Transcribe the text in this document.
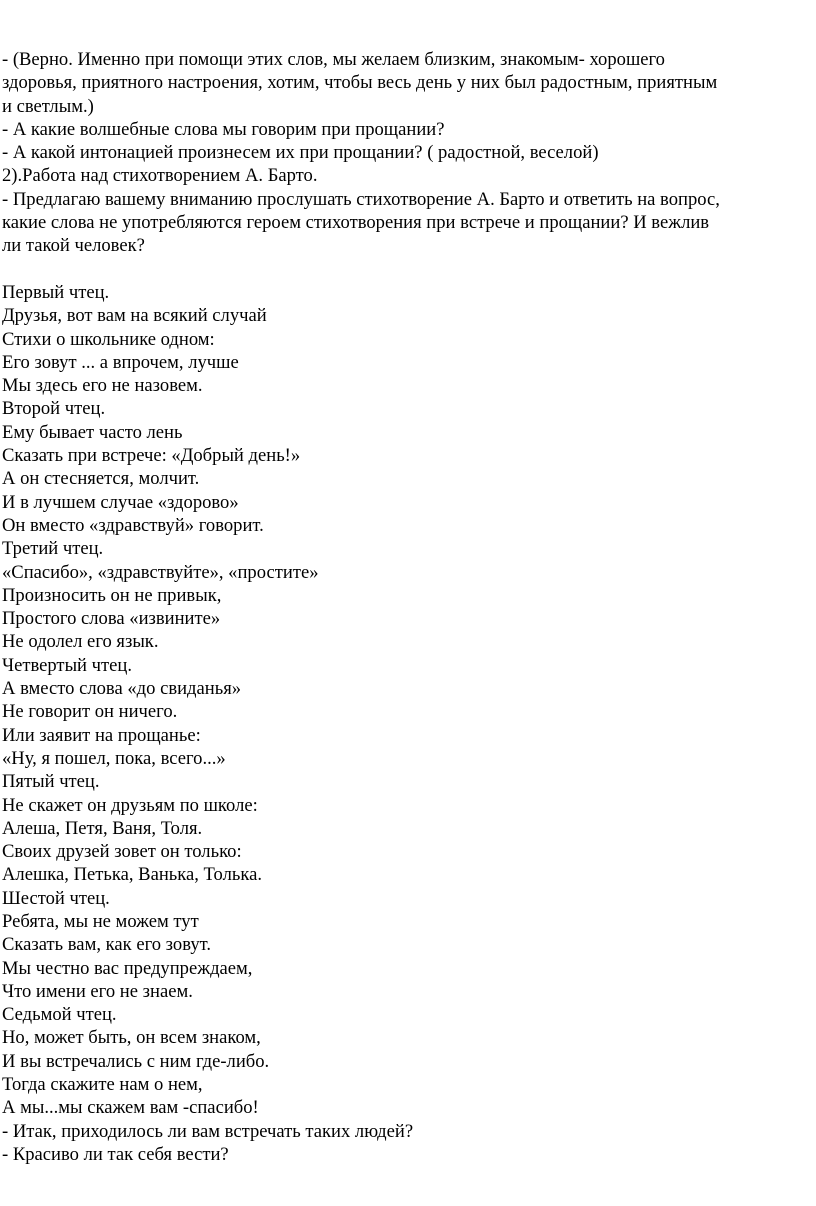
- (Верно. Именно при помощи этих слов, мы желаем близким, знакомым- хорошего
здоровья, приятного настроения, хотим, чтобы весь день у них был радостным, приятным
и светлым.)
- А какие волшебные слова мы говорим при прощании?
- А какой интонацией произнесем их при прощании? ( радостной, веселой)
2).Работа над стихотворением А. Барто.
- Предлагаю вашему вниманию прослушать стихотворение А. Барто и ответить на вопрос,
какие слова не употребляются героем стихотворения при встрече и прощании? И вежлив
ли такой человек?
Первый чтец.
Друзья, вот вам на всякий случай
Стихи о школьнике одном:
Его зовут ... а впрочем, лучше
Мы здесь его не назовем.
Второй чтец.
Ему бывает часто лень
Сказать при встрече: «Добрый день!»
А он стесняется, молчит.
И в лучшем случае «здорово»
Он вместо «здравствуй» говорит.
Третий чтец.
«Спасибо», «здравствуйте», «простите»
Произносить он не привык,
Простого слова «извините»
Не одолел его язык.
Четвертый чтец.
А вместо слова «до свиданья»
Не говорит он ничего.
Или заявит на прощанье:
«Ну, я пошел, пока, всего...»
Пятый чтец.
Не скажет он друзьям по школе:
Алеша, Петя, Ваня, Толя.
Своих друзей зовет он только:
Алешка, Петька, Ванька, Толька.
Шестой чтец.
Ребята, мы не можем тут
Сказать вам, как его зовут.
Мы честно вас предупреждаем,
Что имени его не знаем.
Седьмой чтец.
Но, может быть, он всем знаком,
И вы встречались с ним где-либо.
Тогда скажите нам о нем,
А мы...мы скажем вам -спасибо!
- Итак, приходилось ли вам встречать таких людей?
- Красиво ли так себя вести?
